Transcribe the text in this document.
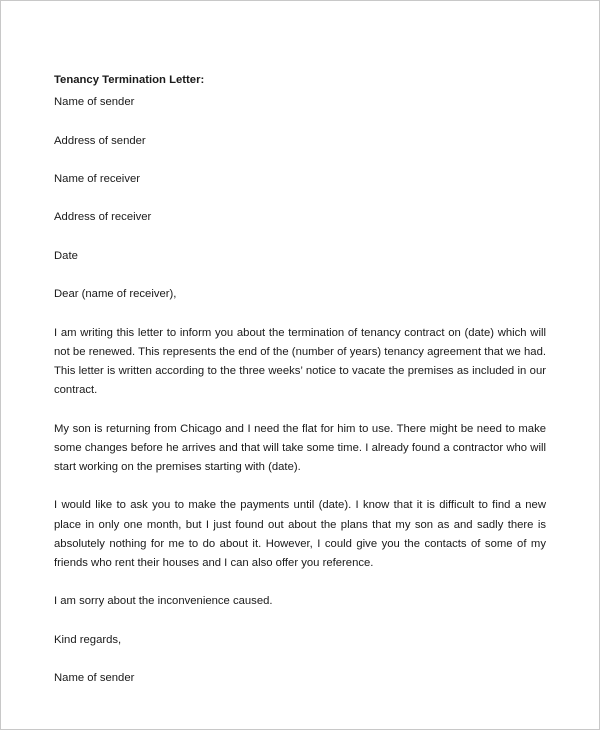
Tenancy Termination Letter:
Name of sender
Address of sender
Name of receiver
Address of receiver
Date
Dear (name of receiver),
I am writing this letter to inform you about the termination of tenancy contract on (date) which will not be renewed. This represents the end of the (number of years) tenancy agreement that we had. This letter is written according to the three weeks’ notice to vacate the premises as included in our contract.
My son is returning from Chicago and I need the flat for him to use. There might be need to make some changes before he arrives and that will take some time. I already found a contractor who will start working on the premises starting with (date).
I would like to ask you to make the payments until (date). I know that it is difficult to find a new place in only one month, but I just found out about the plans that my son as and sadly there is absolutely nothing for me to do about it. However, I could give you the contacts of some of my friends who rent their houses and I can also offer you reference.
I am sorry about the inconvenience caused.
Kind regards,
Name of sender
